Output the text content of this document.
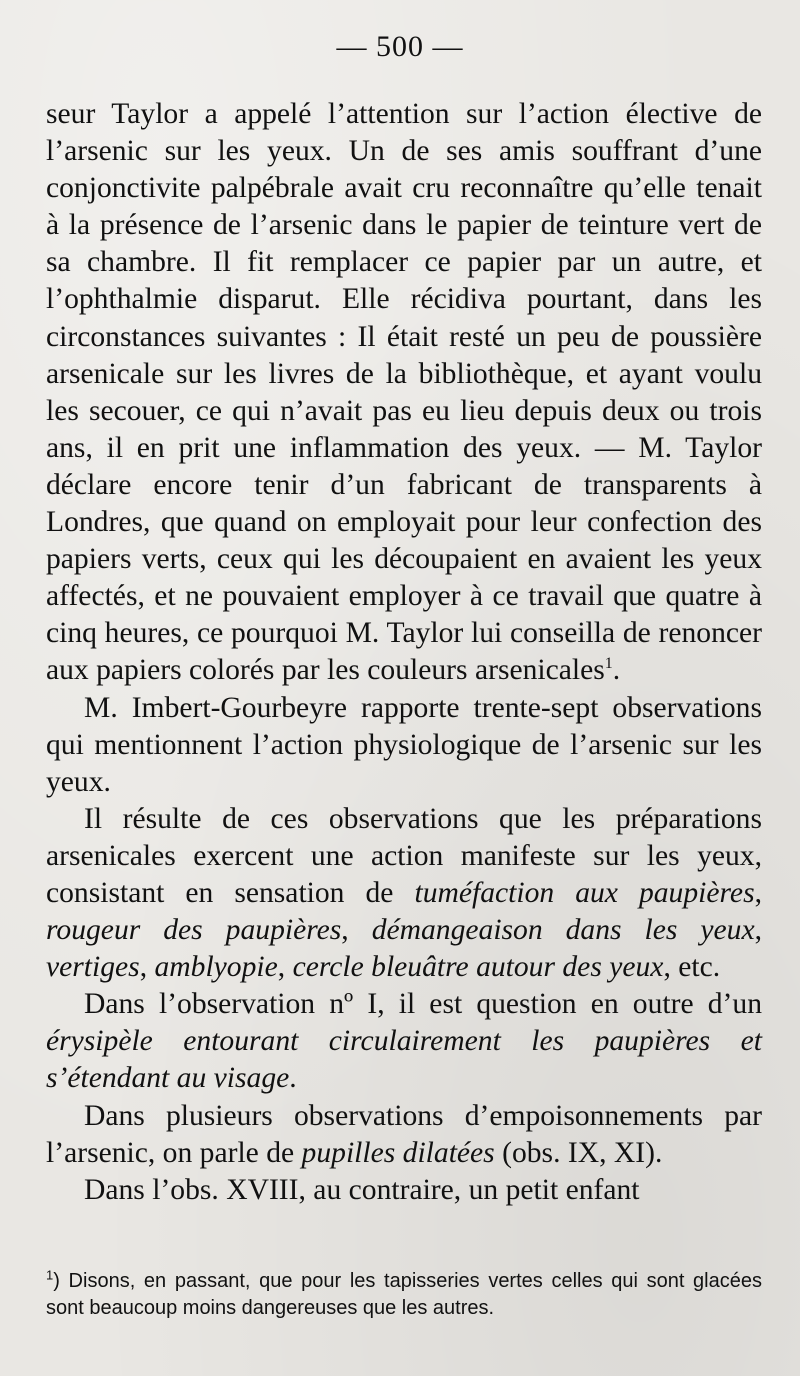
— 500 —

seur Taylor a appelé l’attention sur l’action élective de l’arsenic sur les yeux. Un de ses amis souffrant d’une conjonctivite palpébrale avait cru reconnaître qu’elle tenait à la présence de l’arsenic dans le papier de teinture vert de sa chambre. Il fit remplacer ce papier par un autre, et l’ophthalmie disparut. Elle récidiva pourtant, dans les circonstances suivantes : Il était resté un peu de poussière arsenicale sur les livres de la bibliothèque, et ayant voulu les secouer, ce qui n’avait pas eu lieu depuis deux ou trois ans, il en prit une inflammation des yeux. — M. Taylor déclare encore tenir d’un fabricant de transparents à Londres, que quand on employait pour leur confection des papiers verts, ceux qui les découpaient en avaient les yeux affectés, et ne pouvaient employer à ce travail que quatre à cinq heures, ce pourquoi M. Taylor lui conseilla de renoncer aux papiers colorés par les couleurs arsenicales$^1$.

M. Imbert-Gourbeyre rapporte trente-sept observations qui mentionnent l’action physiologique de l’arsenic sur les yeux.

Il résulte de ces observations que les préparations arsenicales exercent une action manifeste sur les yeux, consistant en sensation de tuméfaction aux paupières, rougeur des paupières, démangeaison dans les yeux, vertiges, amblyopie, cercle bleuâtre autour des yeux, etc.

Dans l’observation nº I, il est question en outre d’un érysipèle entourant circulairement les paupières et s’étendant au visage.

Dans plusieurs observations d’empoisonnements par l’arsenic, on parle de pupilles dilatées (obs. IX, XI).

Dans l’obs. XVIII, au contraire, un petit enfant

$^1$) Disons, en passant, que pour les tapisseries vertes celles qui sont glacées sont beaucoup moins dangereuses que les autres.
